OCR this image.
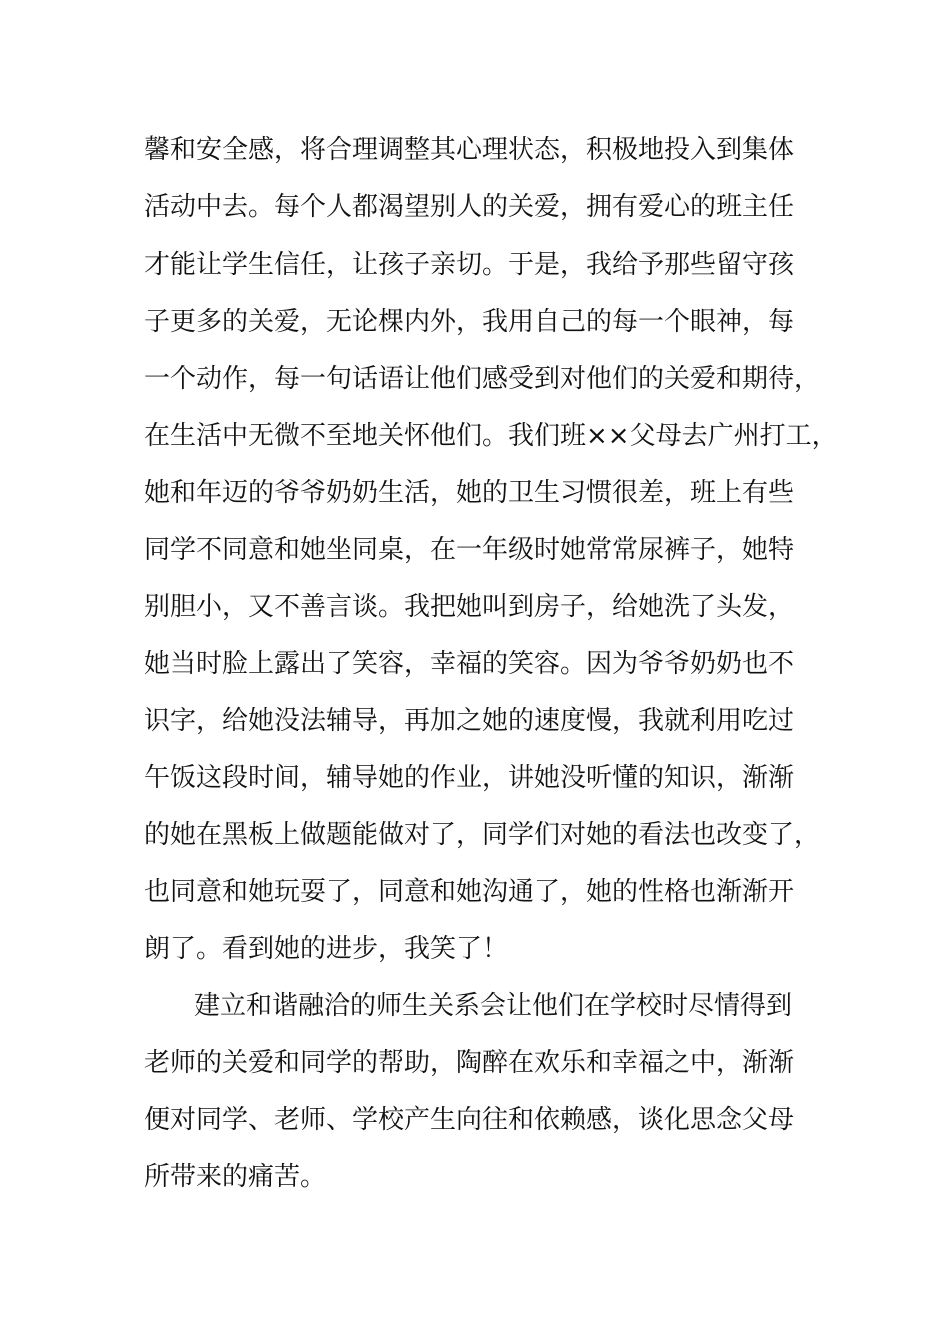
馨和安全感，将合理调整其心理状态，积极地投入到集体
活动中去。每个人都渴望别人的关爱，拥有爱心的班主任
才能让学生信任，让孩子亲切。于是，我给予那些留守孩
子更多的关爱，无论棵内外，我用自己的每一个眼神，每
一个动作，每一句话语让他们感受到对他们的关爱和期待，
在生活中无微不至地关怀他们。我们班××父母去广州打工，
她和年迈的爷爷奶奶生活，她的卫生习惯很差，班上有些
同学不同意和她坐同桌，在一年级时她常常尿裤子，她特
别胆小，又不善言谈。我把她叫到房子，给她洗了头发，
她当时脸上露出了笑容，幸福的笑容。因为爷爷奶奶也不
识字，给她没法辅导，再加之她的速度慢，我就利用吃过
午饭这段时间，辅导她的作业，讲她没听懂的知识，渐渐
的她在黑板上做题能做对了，同学们对她的看法也改变了，
也同意和她玩耍了，同意和她沟通了，她的性格也渐渐开
朗了。看到她的进步，我笑了！
建立和谐融洽的师生关系会让他们在学校时尽情得到
老师的关爱和同学的帮助，陶醉在欢乐和幸福之中，渐渐
便对同学、老师、学校产生向往和依赖感，谈化思念父母
所带来的痛苦。
